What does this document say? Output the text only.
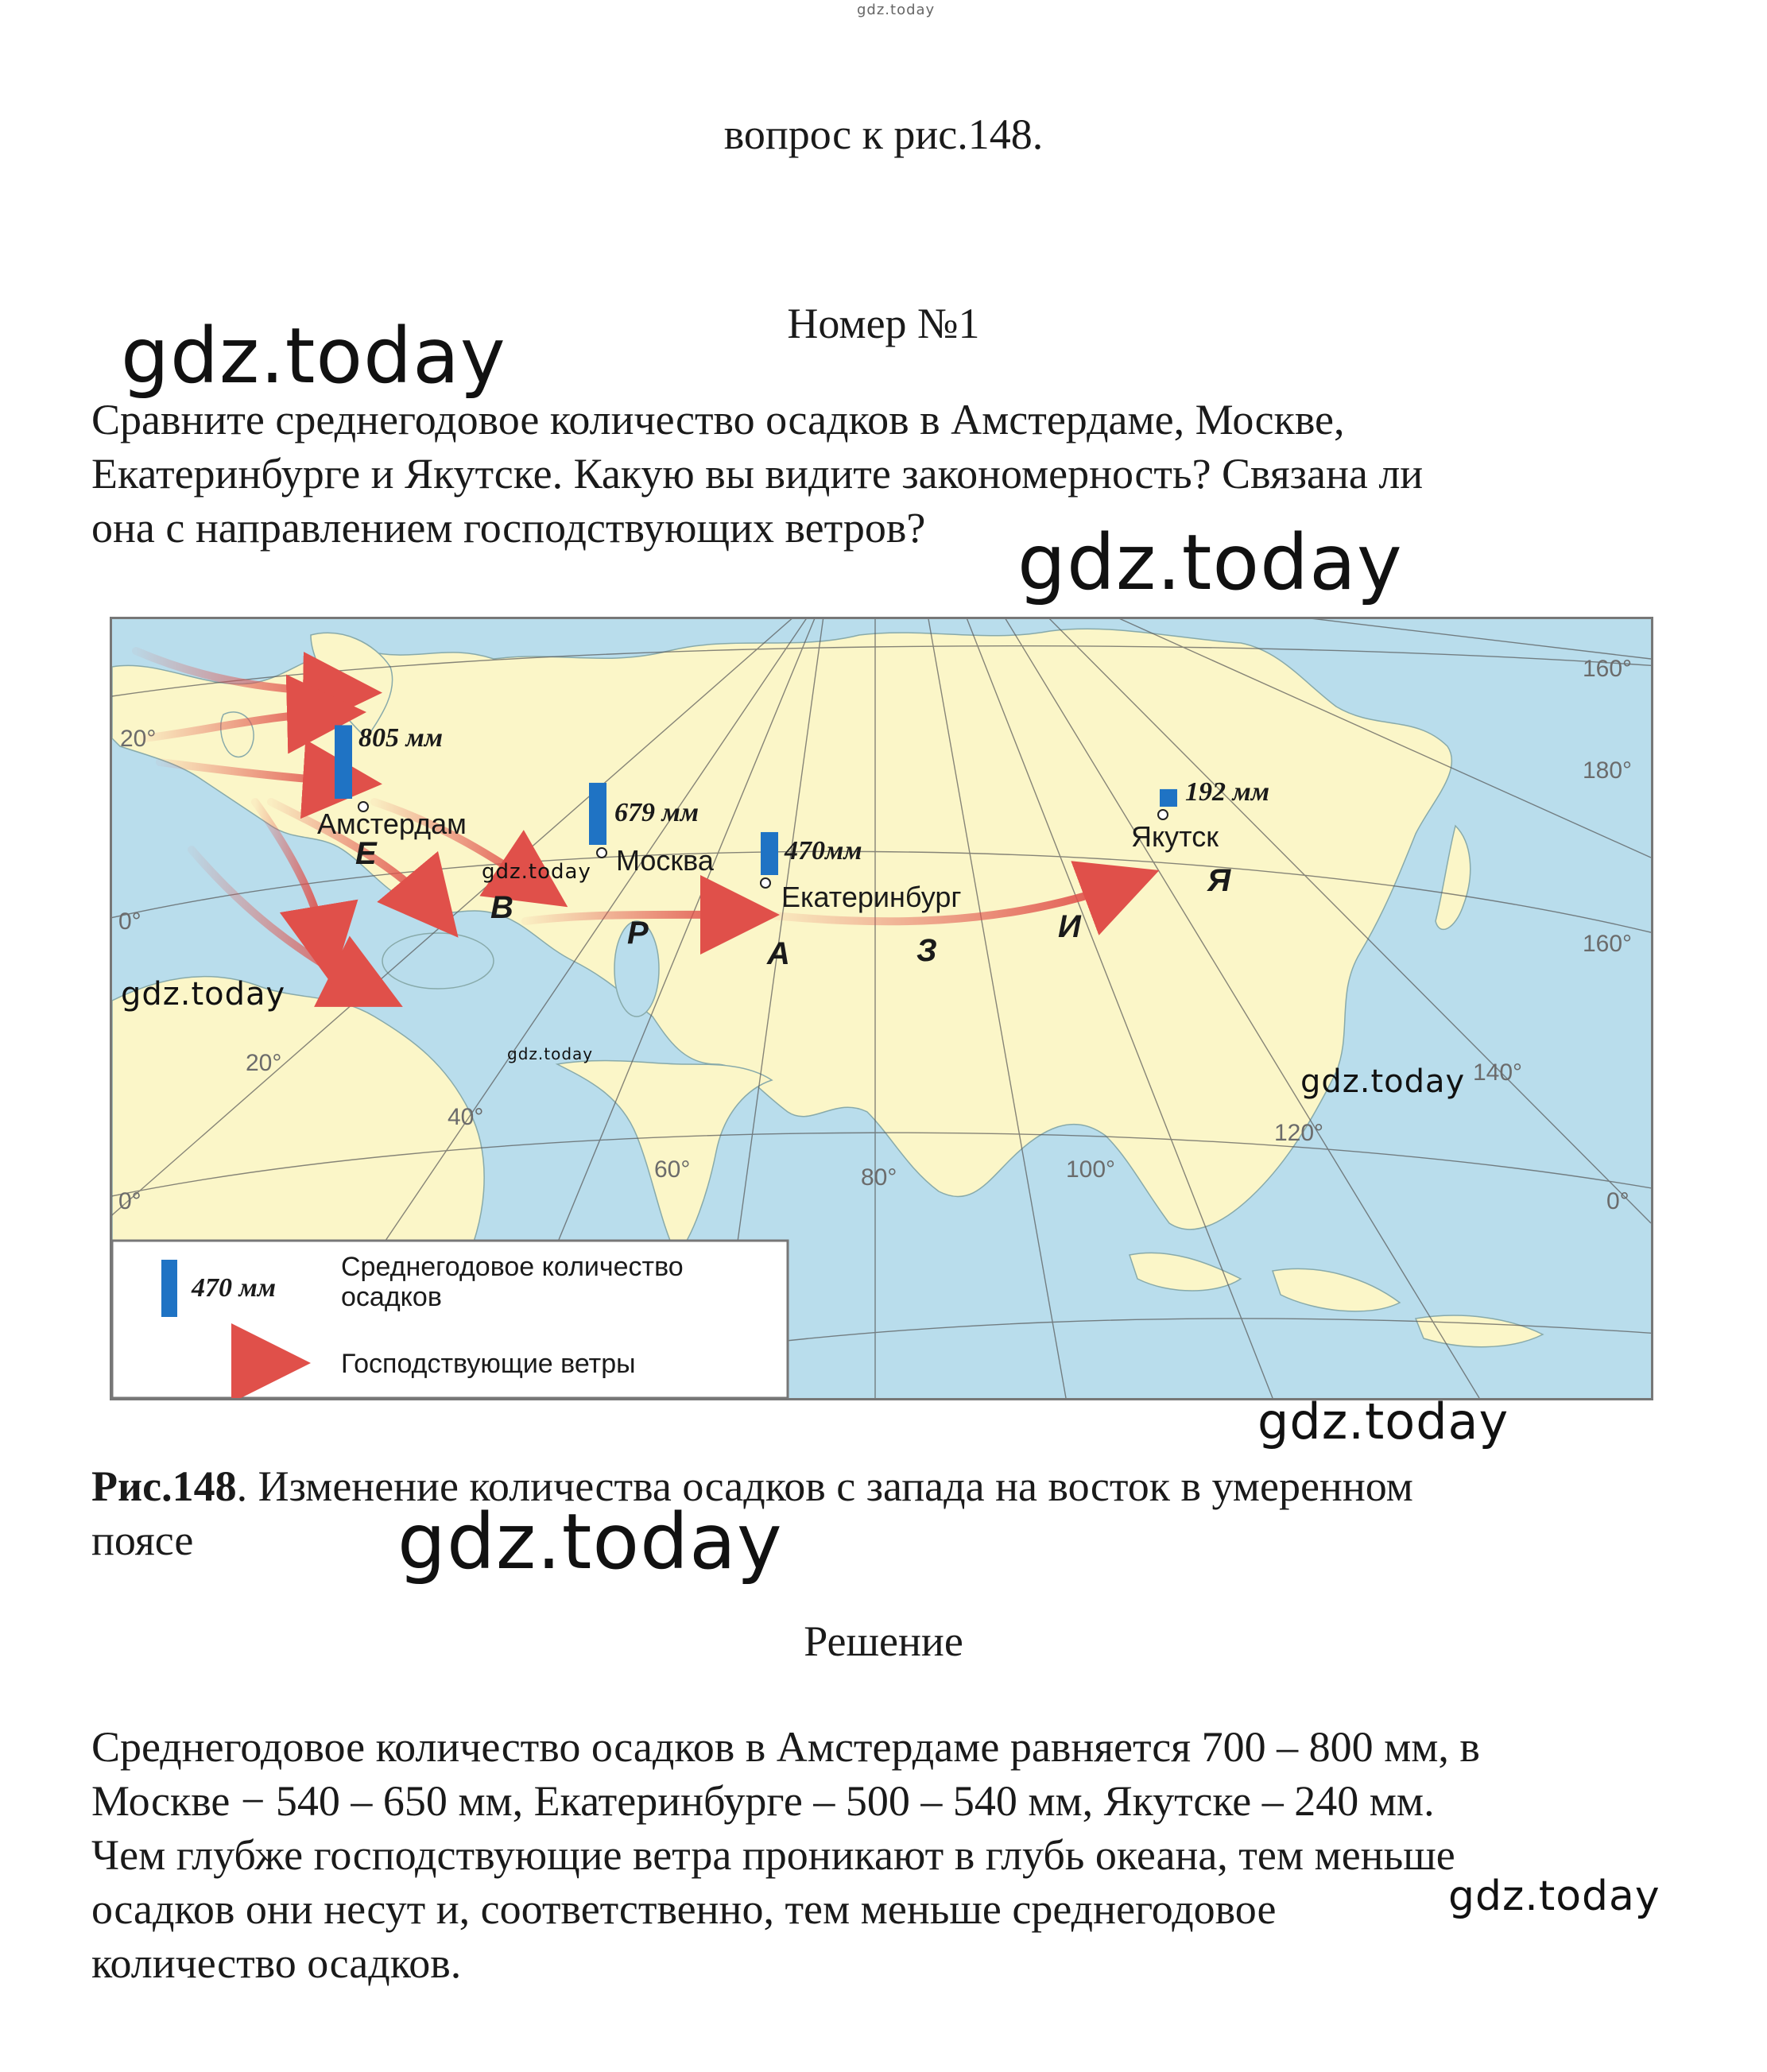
gdz.today
вопрос к рис.148.
Номер №1
gdz.today

Сравните среднегодовое количество осадков в Амстердаме, Москве,

Екатеринбурге и Якутске. Какую вы видите закономерность? Связана ли

она с направлением господствующих ветров?	gdz.today
20°
160°
180°
0°
160°
20°	140°
40°
120°
60°	80°	100°
0°	0°
805 мм
679 мм
470мм
192 мм
Амстердам
Москва
Екатеринбург
Якутск
Е
В
Р
А	З
И
Я
470 мм
Среднегодовое количество
осадков
Господствующие ветры
gdz.today
gdz.today
gdz.today
gdz.today
gdz.today
Рис.148. Изменение количества осадков с запада на восток в умеренном
поясе	gdz.today
Решение

Среднегодовое количество осадков в Амстердаме равняется 700 – 800 мм, в

Москве − 540 – 650 мм, Екатеринбурге – 500 – 540 мм, Якутске – 240 мм.

Чем глубже господствующие ветра проникают в глубь океана, тем меньше

осадков они несут и, соответственно, тем меньше среднегодовое

количество осадков.

gdz.today
